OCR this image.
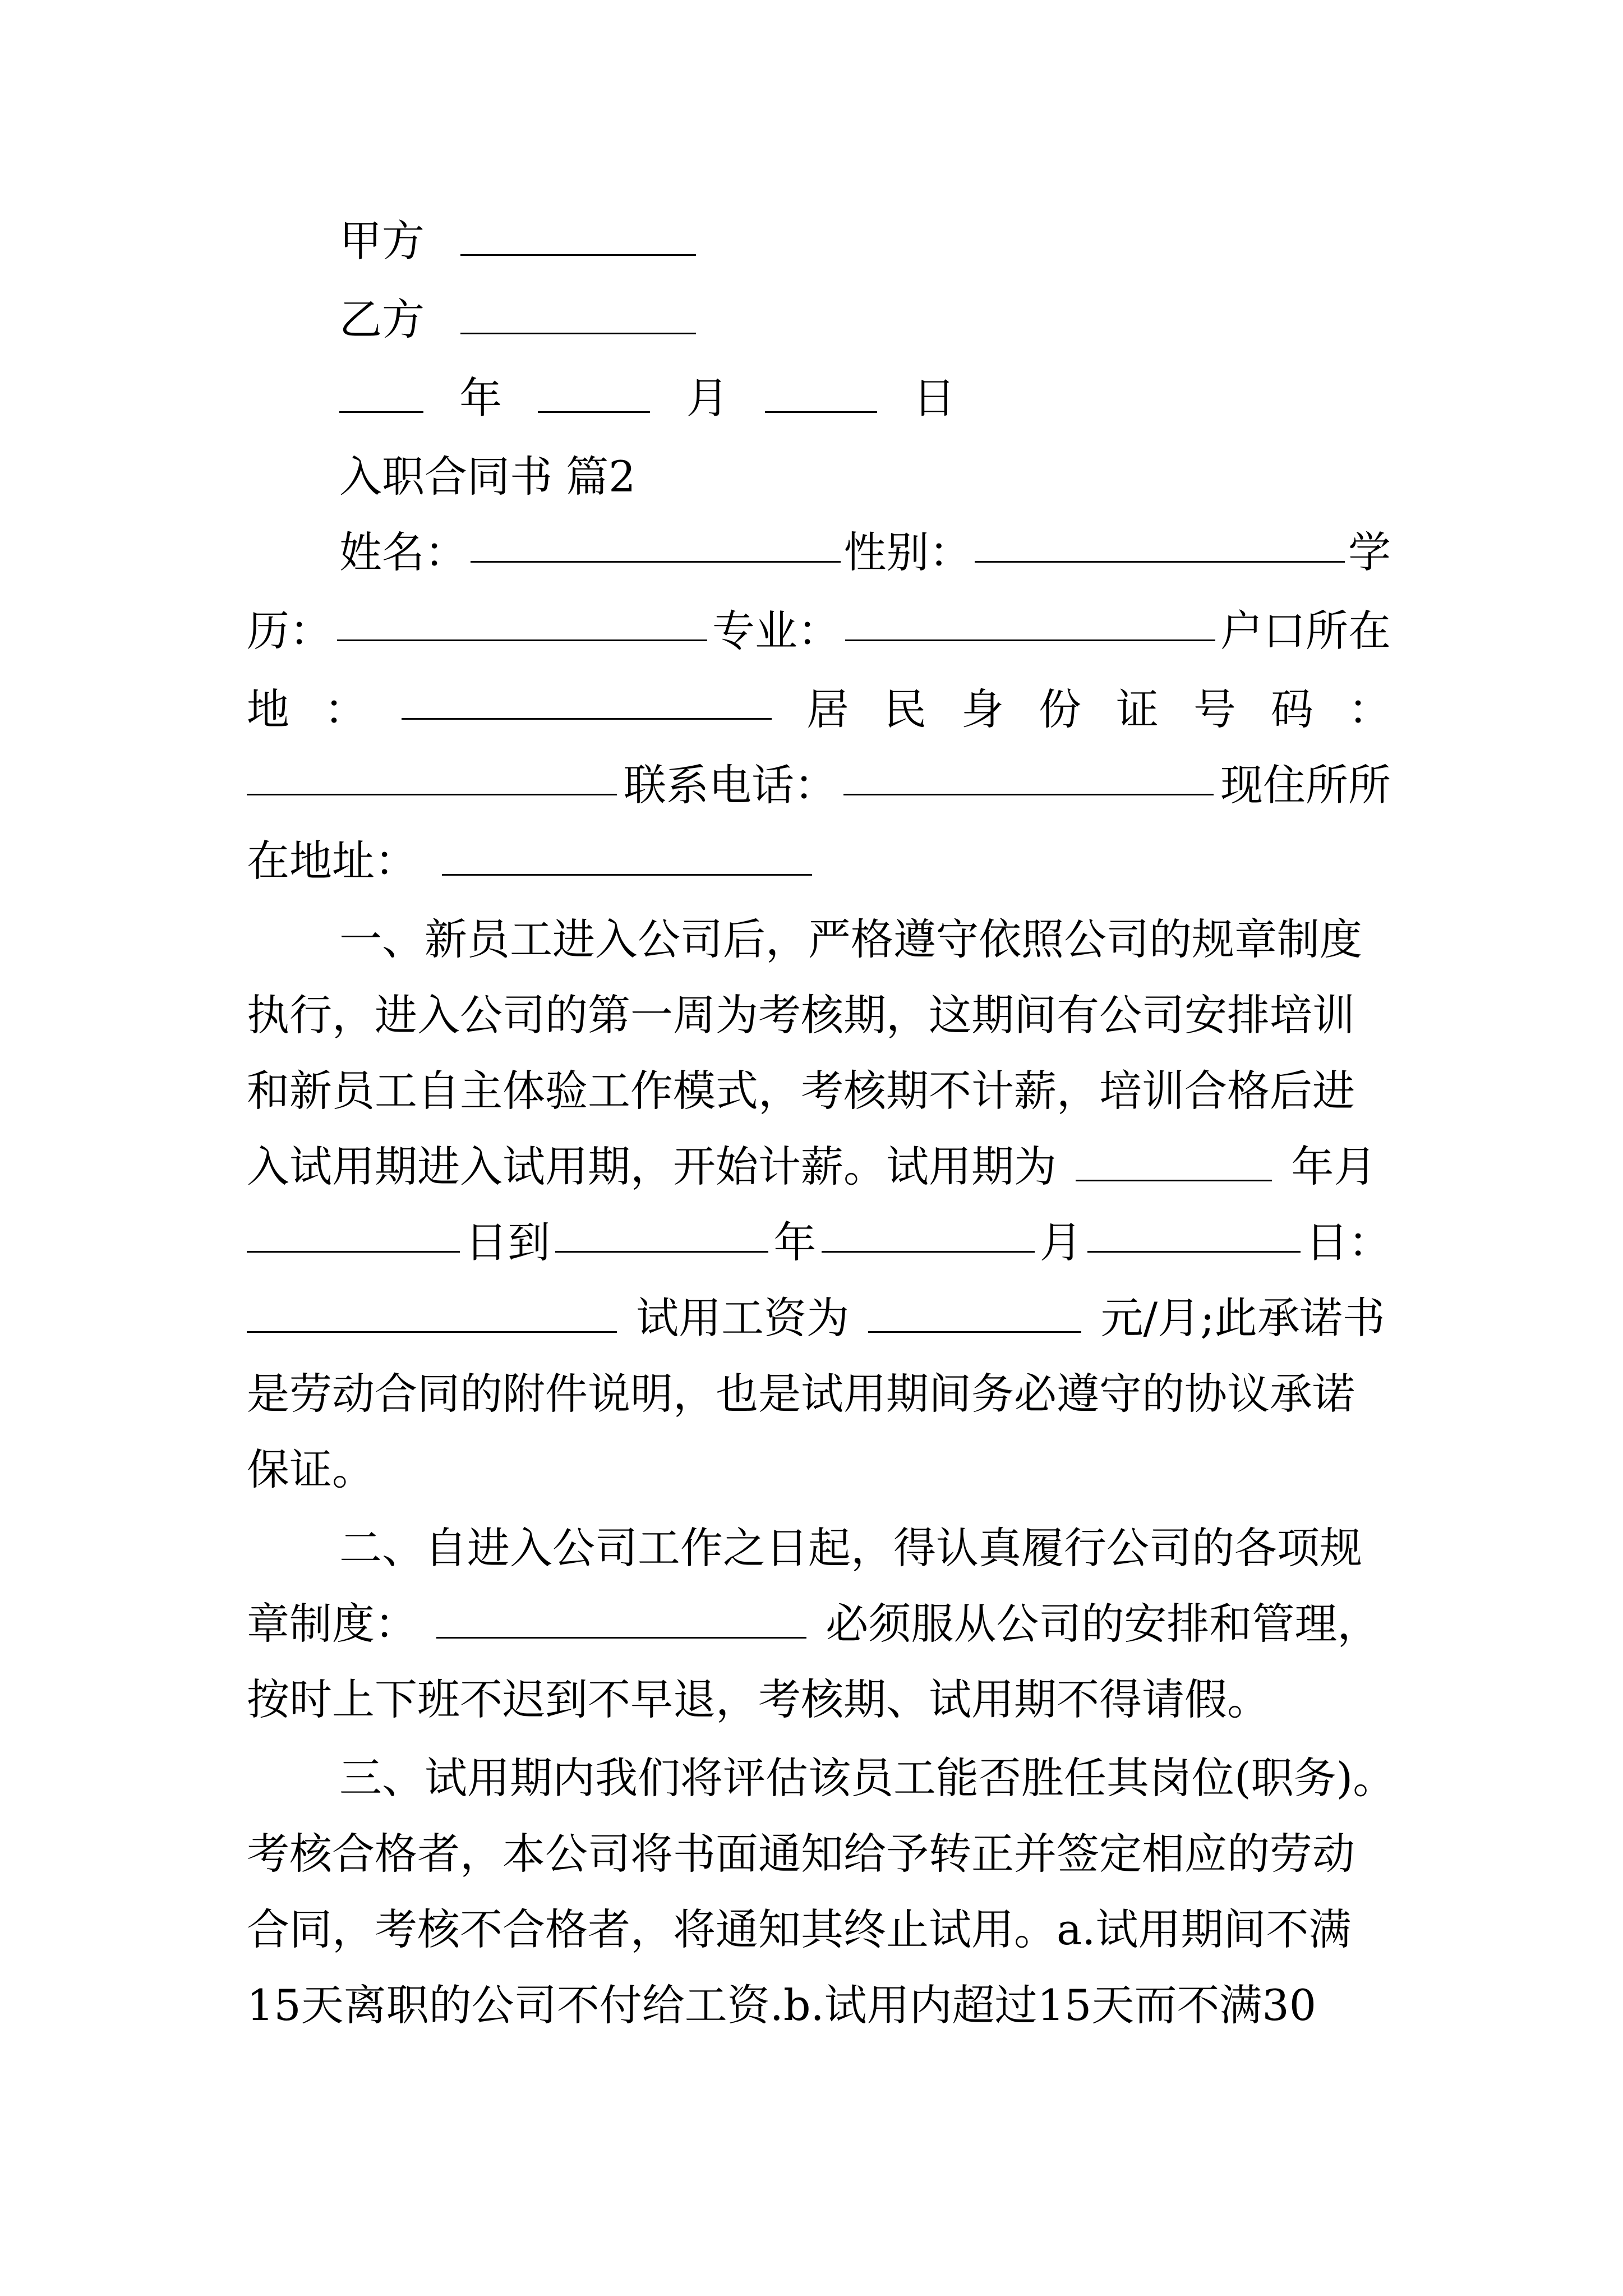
甲方
乙方
年	月	日
入职合同书 篇2
姓名：	性别：	学
历：	专业：	户口所在
地 ：	居 民 身 份 证 号 码 ：
联系电话：	现住所所
在地址：
一、新员工进入公司后，严格遵守依照公司的规章制度
执行，进入公司的第一周为考核期，这期间有公司安排培训
和新员工自主体验工作模式，考核期不计薪，培训合格后进
入试用期进入试用期，开始计薪。试用期为	年月
日到	年	月	日：
试用工资为	元/月;此承诺书
是劳动合同的附件说明，也是试用期间务必遵守的协议承诺
保证。
二、自进入公司工作之日起，得认真履行公司的各项规
章制度：	必须服从公司的安排和管理，
按时上下班不迟到不早退，考核期、试用期不得请假。
三、试用期内我们将评估该员工能否胜任其岗位(职务)。
考核合格者，本公司将书面通知给予转正并签定相应的劳动
合同，考核不合格者，将通知其终止试用。a.试用期间不满
15天离职的公司不付给工资.b.试用内超过15天而不满30
